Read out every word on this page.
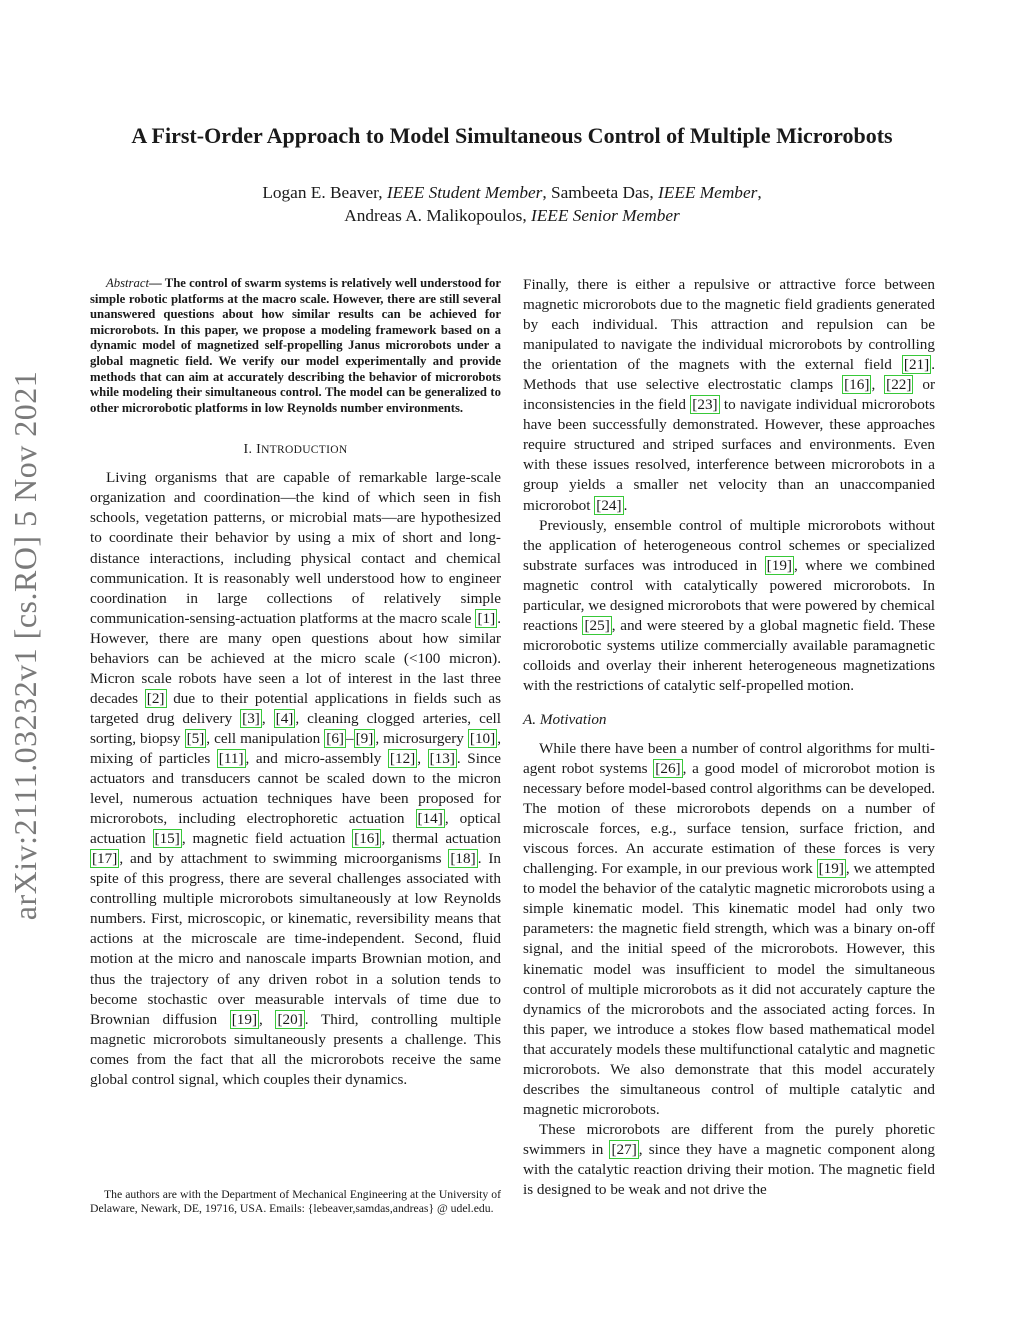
arXiv:2111.03232v1 [cs.RO] 5 Nov 2021
A First-Order Approach to Model Simultaneous Control of Multiple Microrobots
Logan E. Beaver, IEEE Student Member, Sambeeta Das, IEEE Member,
Andreas A. Malikopoulos, IEEE Senior Member

Abstract— The control of swarm systems is relatively well understood for simple robotic platforms at the macro scale. However, there are still several unanswered questions about how similar results can be achieved for microrobots. In this paper, we propose a modeling framework based on a dynamic model of magnetized self-propelling Janus microrobots under a global magnetic field. We verify our model experimentally and provide methods that can aim at accurately describing the behavior of microrobots while modeling their simultaneous control. The model can be generalized to other microrobotic platforms in low Reynolds number environments.

I. INTRODUCTION

Living organisms that are capable of remarkable large-scale organization and coordination—the kind of which seen in fish schools, vegetation patterns, or microbial mats—are hypothesized to coordinate their behavior by using a mix of short and long-distance interactions, including physical contact and chemical communication. It is reasonably well understood how to engineer coordination in large collections of relatively simple communication-sensing-actuation platforms at the macro scale [1] . However, there are many open questions about how similar behaviors can be achieved at the micro scale (<100 micron). Micron scale robots have seen a lot of interest in the last three decades [2] due to their potential applications in fields such as targeted drug delivery [3] , [4] , cleaning clogged arteries, cell sorting, biopsy [5] , cell manipulation [6] – [9] , microsurgery [10] , mixing of particles [11] , and micro-assembly [12] , [13] . Since actuators and transducers cannot be scaled down to the micron level, numerous actuation techniques have been proposed for microrobots, including electrophoretic actuation [14] , optical actuation [15] , magnetic field actuation [16] , thermal actuation [17] , and by attachment to swimming microorganisms [18] . In spite of this progress, there are several challenges associated with controlling multiple microrobots simultaneously at low Reynolds numbers. First, microscopic, or kinematic, reversibility means that actions at the microscale are time-independent. Second, fluid motion at the micro and nanoscale imparts Brownian motion, and thus the trajectory of any driven robot in a solution tends to become stochastic over measurable intervals of time due to Brownian diffusion [19] , [20] . Third, controlling multiple magnetic microrobots simultaneously presents a challenge. This comes from the fact that all the microrobots receive the same global control signal, which couples their dynamics.

The authors are with the Department of Mechanical Engineering at the University of Delaware, Newark, DE, 19716, USA. Emails: {lebeaver,samdas,andreas} @ udel.edu.

Finally, there is either a repulsive or attractive force between magnetic microrobots due to the magnetic field gradients generated by each individual. This attraction and repulsion can be manipulated to navigate the individual microrobots by controlling the orientation of the magnets with the external field [21] . Methods that use selective electrostatic clamps [16] , [22] or inconsistencies in the field [23] to navigate individual microrobots have been successfully demonstrated. However, these approaches require structured and striped surfaces and environments. Even with these issues resolved, interference between microrobots in a group yields a smaller net velocity than an unaccompanied microrobot [24] .

Previously, ensemble control of multiple microrobots without the application of heterogeneous control schemes or specialized substrate surfaces was introduced in [19] , where we combined magnetic control with catalytically powered microrobots. In particular, we designed microrobots that were powered by chemical reactions [25] , and were steered by a global magnetic field. These microrobotic systems utilize commercially available paramagnetic colloids and overlay their inherent heterogeneous magnetizations with the restrictions of catalytic self-propelled motion.

A. Motivation

While there have been a number of control algorithms for multi-agent robot systems [26] , a good model of microrobot motion is necessary before model-based control algorithms can be developed. The motion of these microrobots depends on a number of microscale forces, e.g., surface tension, surface friction, and viscous forces. An accurate estimation of these forces is very challenging. For example, in our previous work [19] , we attempted to model the behavior of the catalytic magnetic microrobots using a simple kinematic model. This kinematic model had only two parameters: the magnetic field strength, which was a binary on-off signal, and the initial speed of the microrobots. However, this kinematic model was insufficient to model the simultaneous control of multiple microrobots as it did not accurately capture the dynamics of the microrobots and the associated acting forces. In this paper, we introduce a stokes flow based mathematical model that accurately models these multifunctional catalytic and magnetic microrobots. We also demonstrate that this model accurately describes the simultaneous control of multiple catalytic and magnetic microrobots.

These microrobots are different from the purely phoretic swimmers in [27] , since they have a magnetic component along with the catalytic reaction driving their motion. The magnetic field is designed to be weak and not drive the
